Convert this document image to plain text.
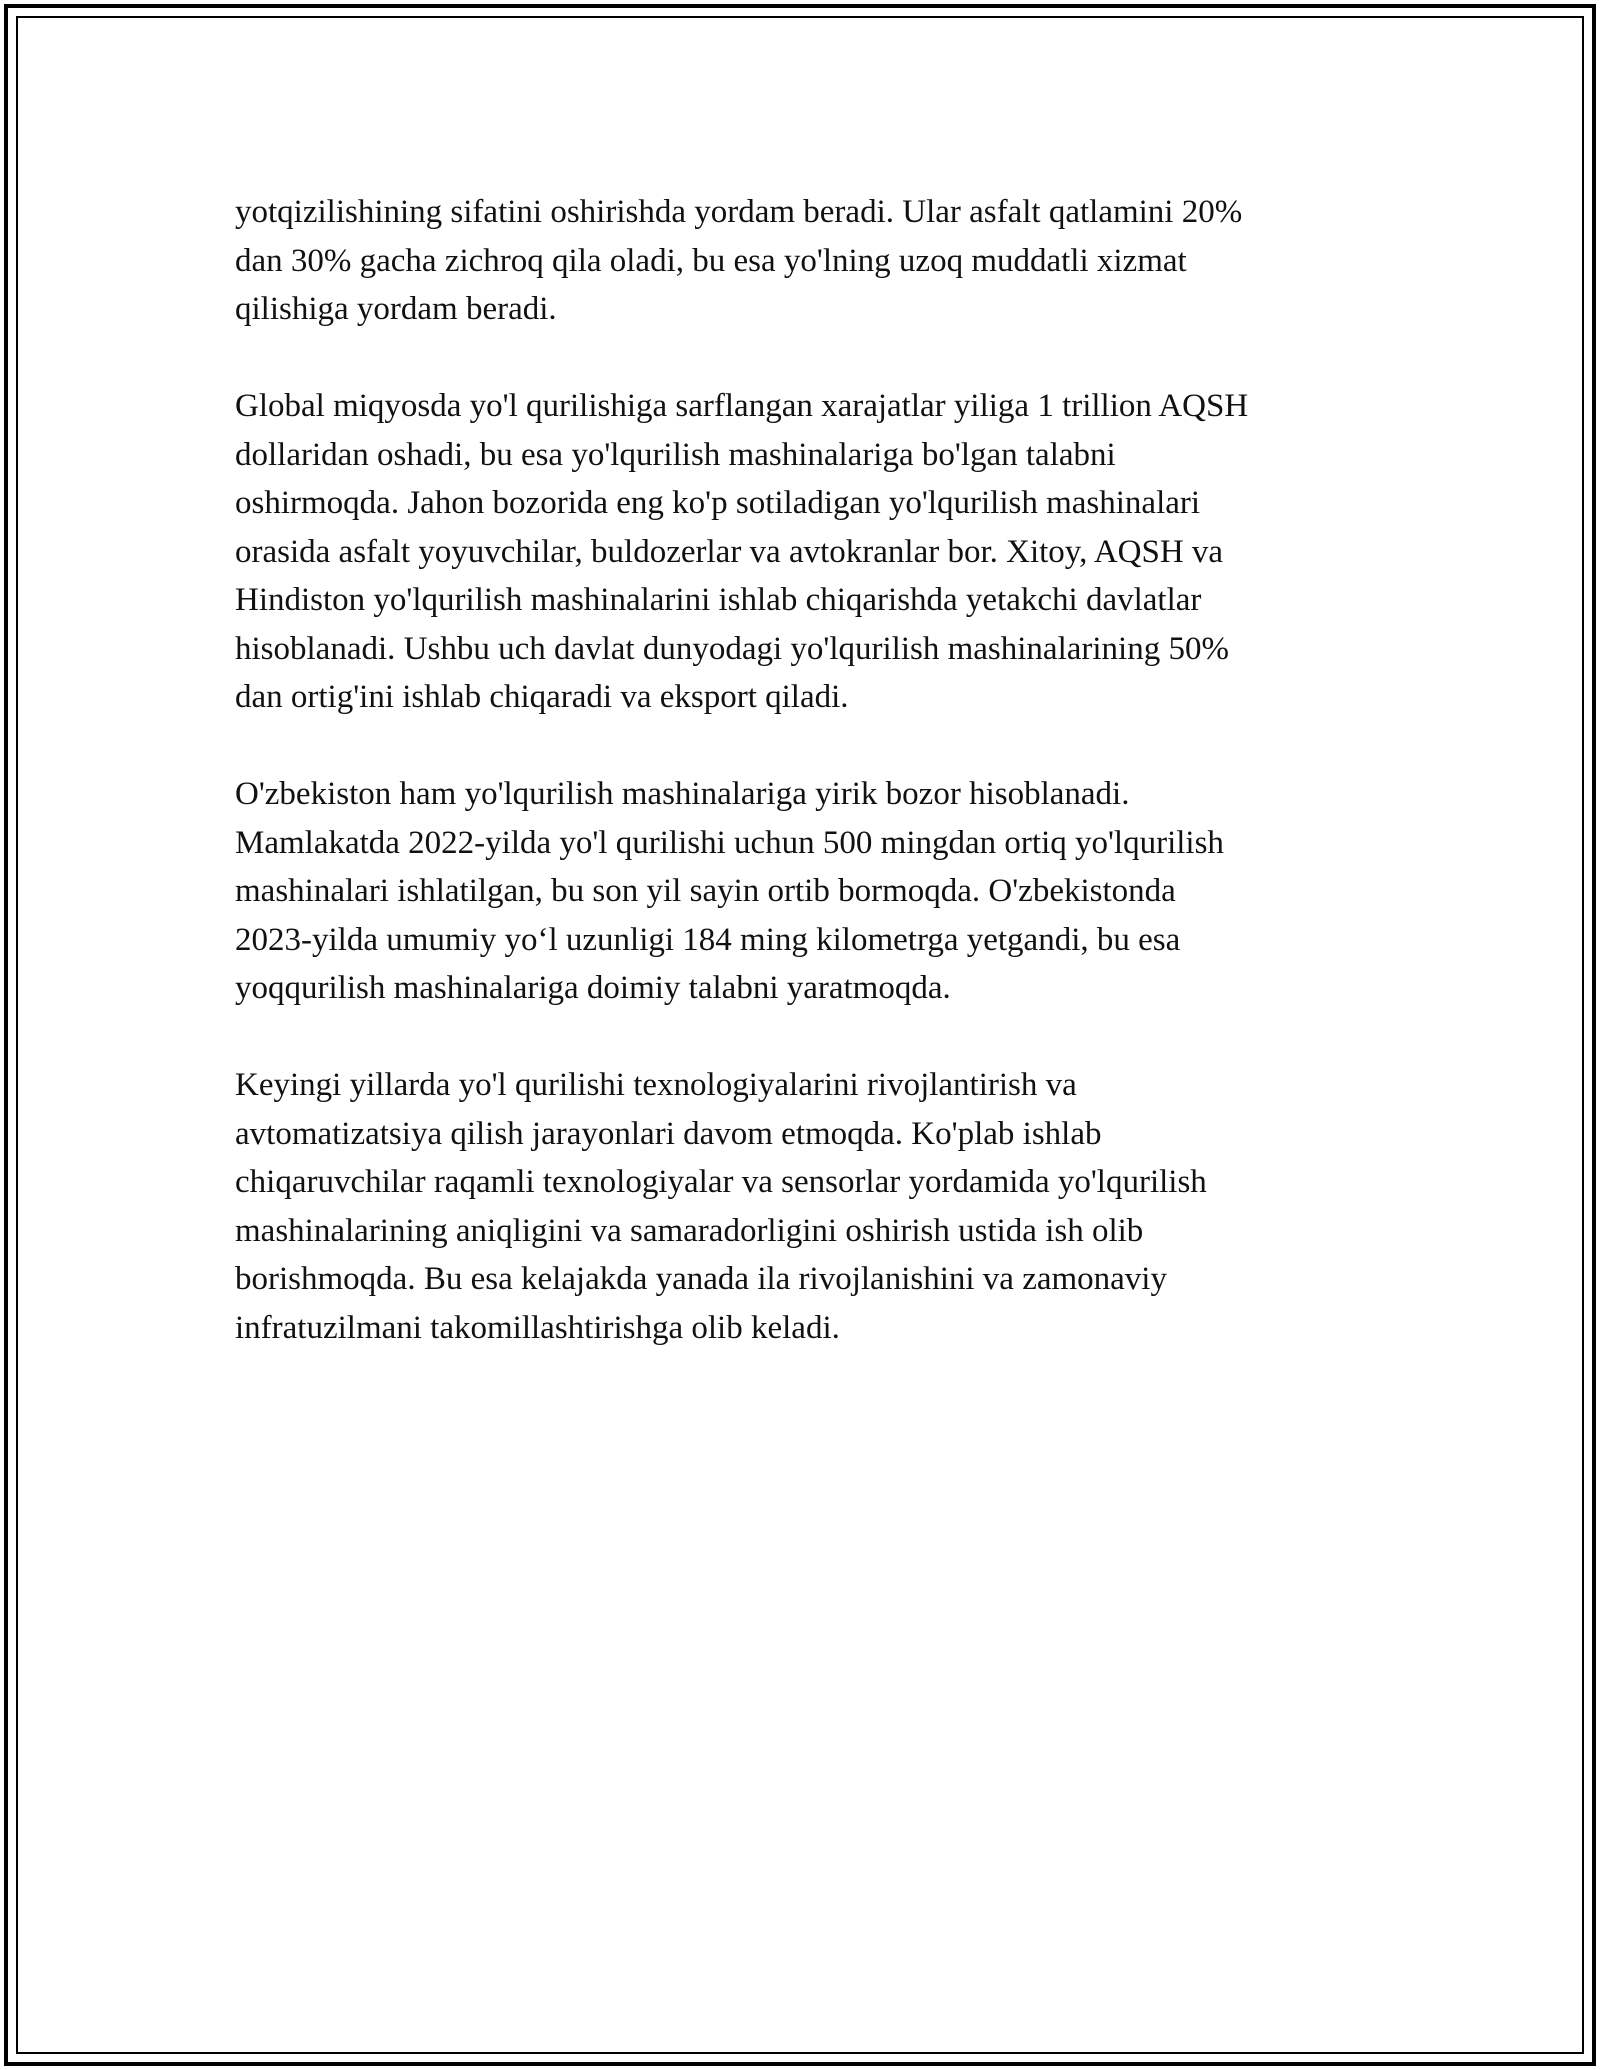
yotqizilishining sifatini oshirishda yordam beradi. Ular asfalt qatlamini 20%
dan 30% gacha zichroq qila oladi, bu esa yo'lning uzoq muddatli xizmat
qilishiga yordam beradi.

Global miqyosda yo'l qurilishiga sarflangan xarajatlar yiliga 1 trillion AQSH
dollaridan oshadi, bu esa yo'lqurilish mashinalariga bo'lgan talabni
oshirmoqda. Jahon bozorida eng ko'p sotiladigan yo'lqurilish mashinalari
orasida asfalt yoyuvchilar, buldozerlar va avtokranlar bor. Xitoy, AQSH va
Hindiston yo'lqurilish mashinalarini ishlab chiqarishda yetakchi davlatlar
hisoblanadi. Ushbu uch davlat dunyodagi yo'lqurilish mashinalarining 50%
dan ortig'ini ishlab chiqaradi va eksport qiladi.

O'zbekiston ham yo'lqurilish mashinalariga yirik bozor hisoblanadi.
Mamlakatda 2022-yilda yo'l qurilishi uchun 500 mingdan ortiq yo'lqurilish
mashinalari ishlatilgan, bu son yil sayin ortib bormoqda. O'zbekistonda
2023-yilda umumiy yo‘l uzunligi 184 ming kilometrga yetgandi, bu esa
yoqqurilish mashinalariga doimiy talabni yaratmoqda.

Keyingi yillarda yo'l qurilishi texnologiyalarini rivojlantirish va
avtomatizatsiya qilish jarayonlari davom etmoqda. Ko'plab ishlab
chiqaruvchilar raqamli texnologiyalar va sensorlar yordamida yo'lqurilish
mashinalarining aniqligini va samaradorligini oshirish ustida ish olib
borishmoqda. Bu esa kelajakda yanada ila rivojlanishini va zamonaviy
infratuzilmani takomillashtirishga olib keladi.
